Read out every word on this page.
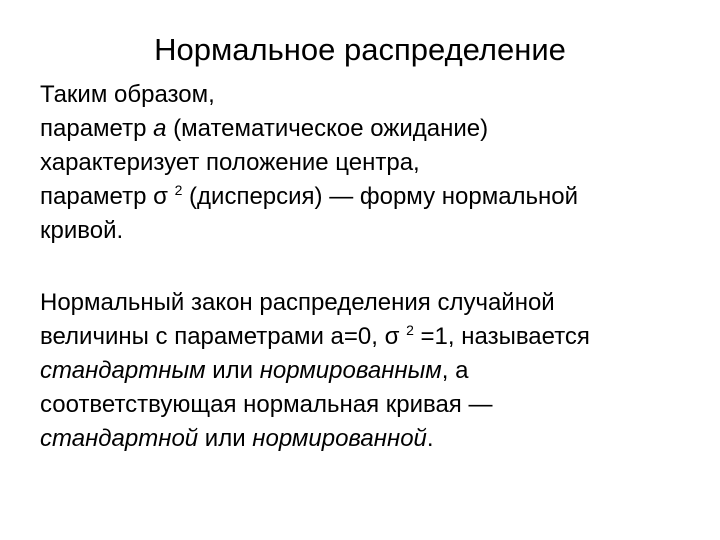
Нормальное распределение
Таким образом,
параметр а (математическое ожидание)
характеризует положение центра,
параметр σ $^2$ (дисперсия) — форму нормальной
кривой.
Нормальный закон распределения случайной
величины с параметрами а=0, σ $^2$ =1, называется
стандартным или нормированным, а
соответствующая нормальная кривая —
стандартной или нормированной.
